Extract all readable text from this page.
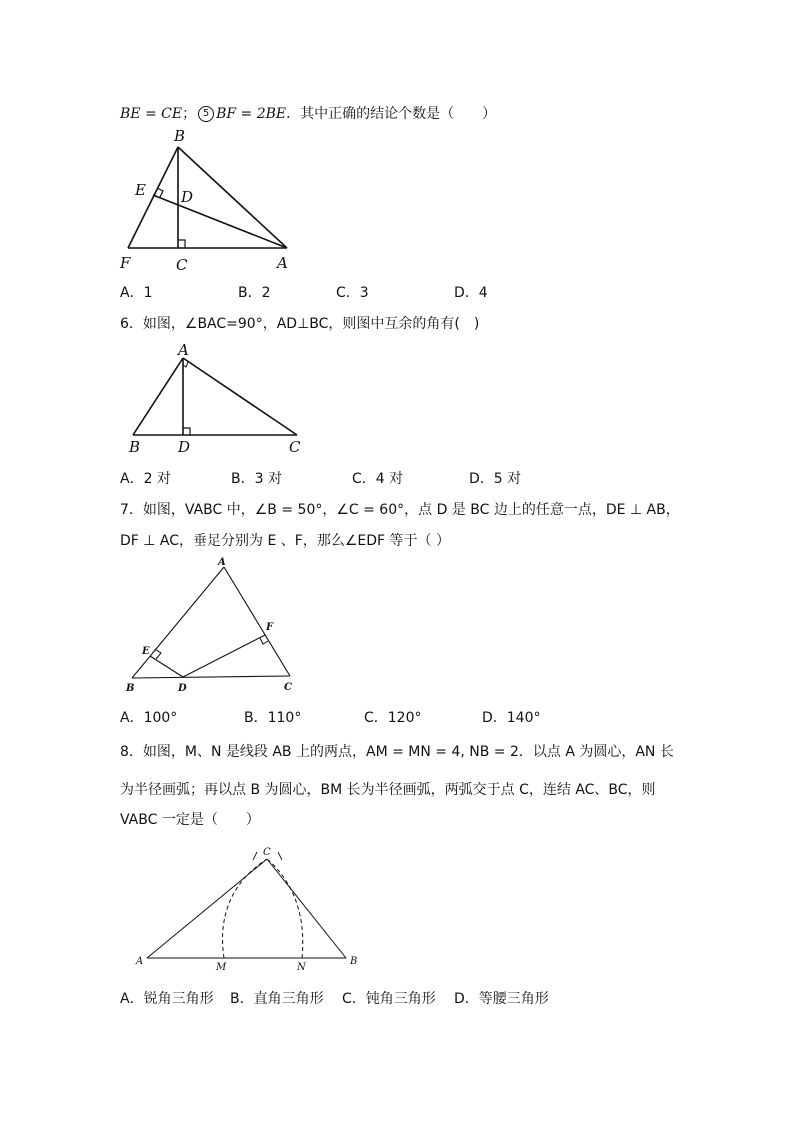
BE = CE； 5 BF = 2BE．其中正确的结论个数是（　　）
B
E D
F	C	A
A．1	B．2	C．3	D．4
6．如图，∠BAC=90°，AD⊥BC，则图中互余的角有(　)
A
B	D	C
A．2 对	B．3 对	C．4 对	D．5 对
7．如图，VABC 中，∠B = 50°，∠C = 60°，点 D 是 BC 边上的任意一点，DE ⊥ AB，
DF ⊥ AC，垂足分别为 E 、F，那么∠EDF 等于（ ）
A
F
E
B	D	C
A．100°	B．110°	C．120°	D．140°
8．如图，M、N 是线段 AB 上的两点，AM = MN = 4, NB = 2．以点 A 为圆心，AN 长
为半径画弧；再以点 B 为圆心，BM 长为半径画弧，两弧交于点 C，连结 AC、BC，则
VABC 一定是（　　）
C
A
M	N
B
A．锐角三角形 B．直角三角形 C．钝角三角形 D．等腰三角形
